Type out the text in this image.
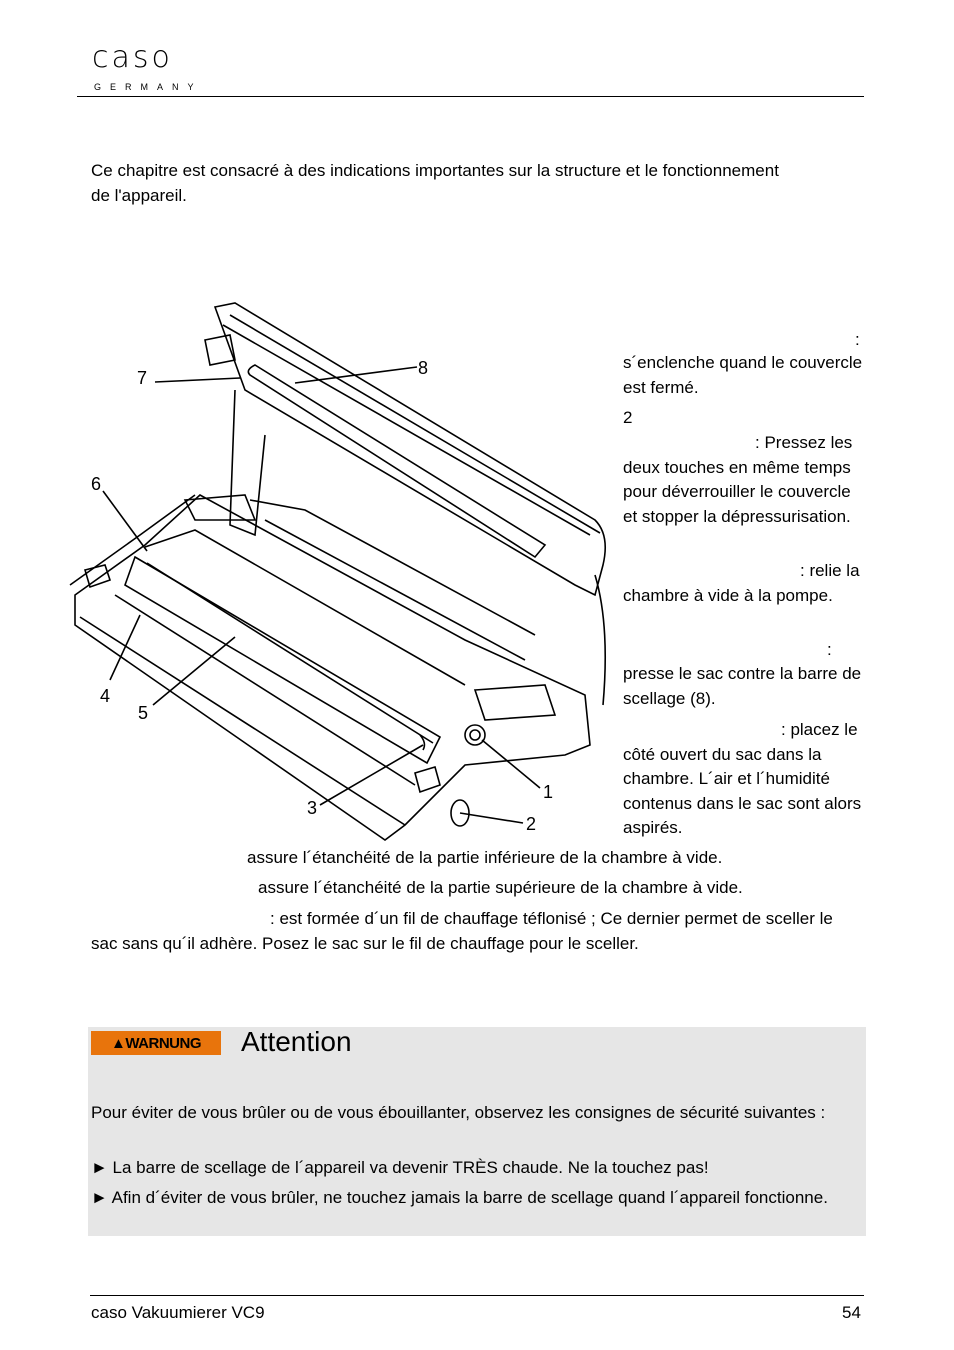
caso
GERMANY

Ce chapitre est consacré à des indications importantes sur la structure et le fonctionnement de l'appareil.

1
2
3
4
5
6
7	8
:

s´enclenche quand le couvercle est fermé.

2

: Pressez les deux touches en même temps pour déverrouiller le couvercle et stopper la dépressurisation.

: relie la chambre à vide à la pompe.

:

presse le sac contre la barre de scellage (8).

: placez le côté ouvert du sac dans la chambre. L´air et l´humidité contenus dans le sac sont alors aspirés.

assure l´étanchéité de la partie inférieure de la chambre à vide.

assure l´étanchéité de la partie supérieure de la chambre à vide.

: est formée d´un fil de chauffage téflonisé ; Ce dernier permet de sceller le sac sans qu´il adhère. Posez le sac sur le fil de chauffage pour le sceller.

▲WARNUNG	Attention

Pour éviter de vous brûler ou de vous ébouillanter, observez les consignes de sécurité suivantes :

► La barre de scellage de l´appareil va devenir TRÈS chaude. Ne la touchez pas!

► Afin d´éviter de vous brûler, ne touchez jamais la barre de scellage quand l´appareil fonctionne.

caso Vakuumierer VC9	54
